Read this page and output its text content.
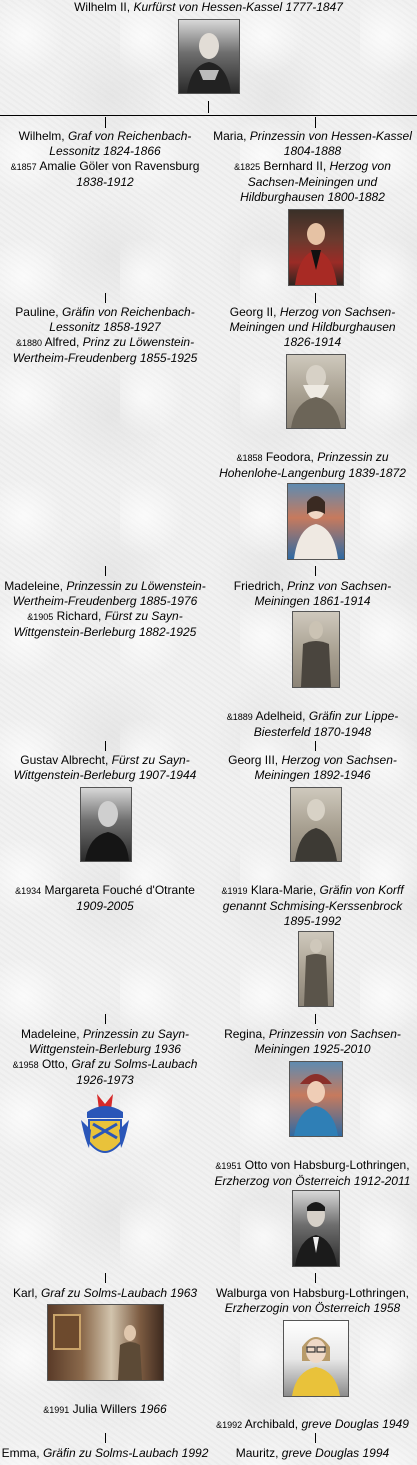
Wilhelm II, Kurfürst von Hessen-Kassel 1777-1847
Wilhelm, Graf von Reichenbach-
Lessonitz 1824-1866
&1857 Amalie Göler von Ravensburg
1838-1912
Pauline, Gräfin von Reichenbach-
Lessonitz 1858-1927
&1880 Alfred, Prinz zu Löwenstein-
Wertheim-Freudenberg 1855-1925
Madeleine, Prinzessin zu Löwenstein-
Wertheim-Freudenberg 1885-1976
&1905 Richard, Fürst zu Sayn-
Wittgenstein-Berleburg 1882-1925
Gustav Albrecht, Fürst zu Sayn-
Wittgenstein-Berleburg 1907-1944
&1934 Margareta Fouché d'Otrante
1909-2005
Madeleine, Prinzessin zu Sayn-
Wittgenstein-Berleburg 1936
&1958 Otto, Graf zu Solms-Laubach
1926-1973
Karl, Graf zu Solms-Laubach 1963
&1991 Julia Willers 1966
Emma, Gräfin zu Solms-Laubach 1992
Maria, Prinzessin von Hessen-Kassel
1804-1888
&1825 Bernhard II, Herzog von
Sachsen-Meiningen und
Hildburghausen 1800-1882
Georg II, Herzog von Sachsen-
Meiningen und Hildburghausen
1826-1914
&1858 Feodora, Prinzessin zu
Hohenlohe-Langenburg 1839-1872
Friedrich, Prinz von Sachsen-
Meiningen 1861-1914
&1889 Adelheid, Gräfin zur Lippe-
Biesterfeld 1870-1948
Georg III, Herzog von Sachsen-
Meiningen 1892-1946
&1919 Klara-Marie, Gräfin von Korff
genannt Schmising-Kerssenbrock
1895-1992
Regina, Prinzessin von Sachsen-
Meiningen 1925-2010
&1951 Otto von Habsburg-Lothringen,
Erzherzog von Österreich 1912-2011
Walburga von Habsburg-Lothringen,
Erzherzogin von Österreich 1958
&1992 Archibald, greve Douglas 1949
Mauritz, greve Douglas 1994
